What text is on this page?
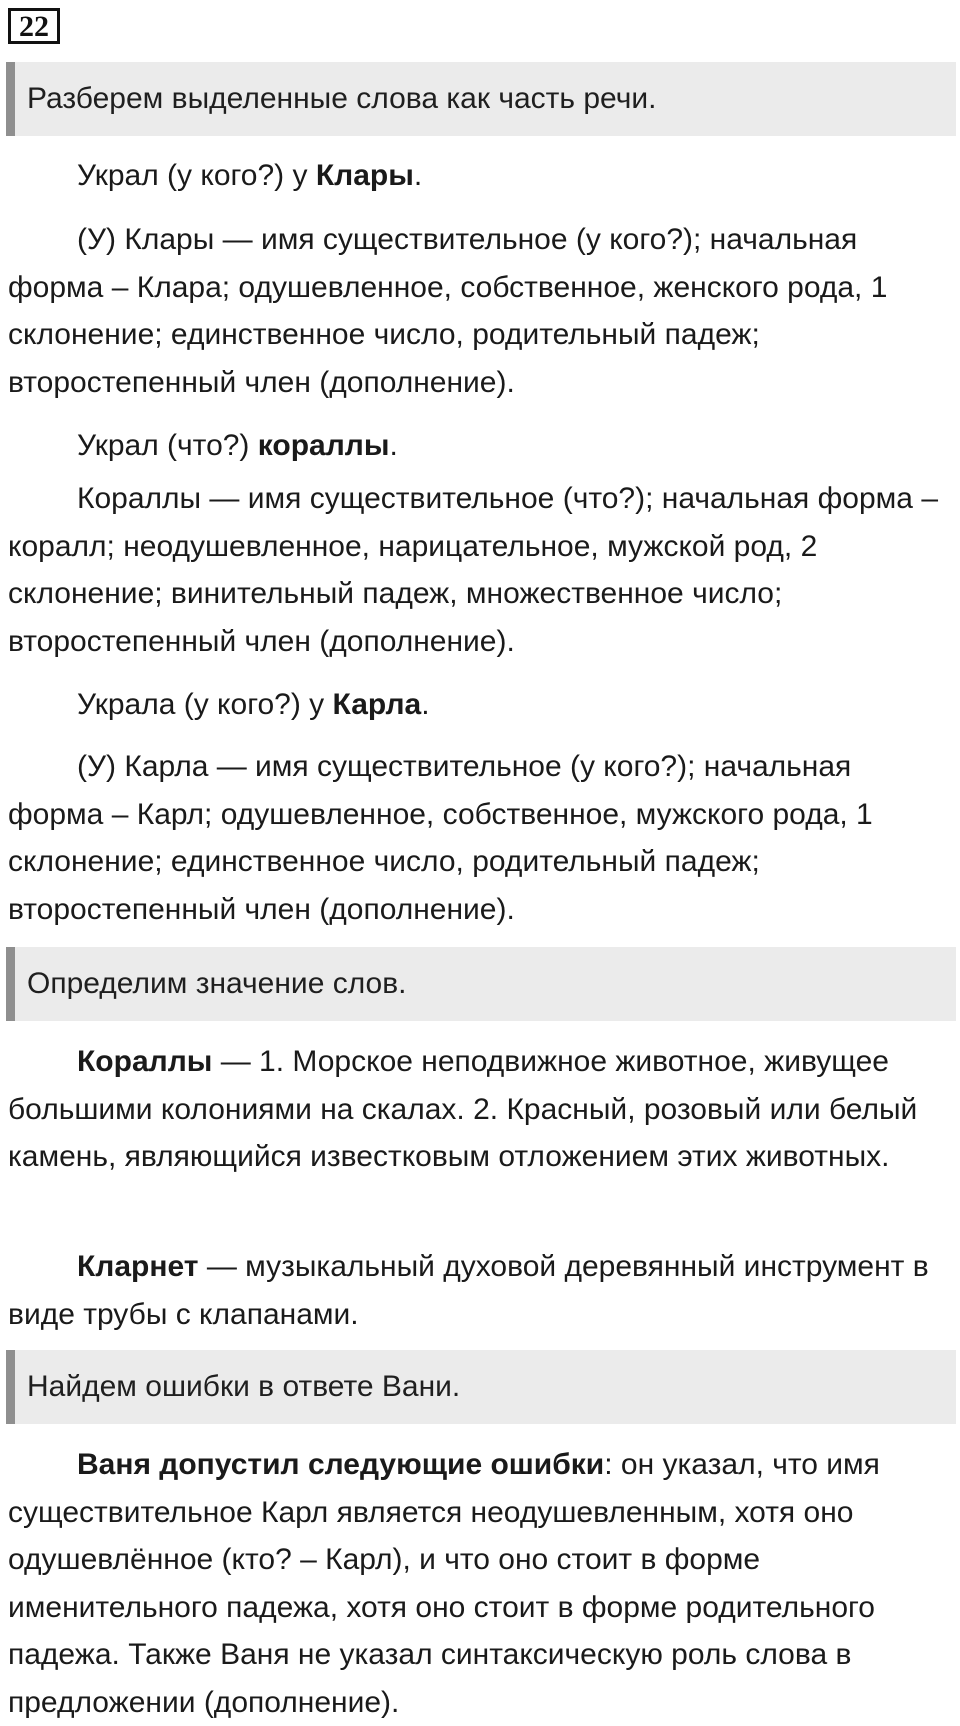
22
Разберем выделенные слова как часть речи.

Украл (у кого?) у Клары.

(У) Клары — имя существительное (у кого?); начальная форма – Клара; одушевленное, собственное, женского рода, 1 склонение; единственное число, родительный падеж; второстепенный член (дополнение).

Украл (что?) кораллы.

Кораллы — имя существительное (что?); начальная форма – коралл; неодушевленное, нарицательное, мужской род, 2 склонение; винительный падеж, множественное число; второстепенный член (дополнение).

Украла (у кого?) у Карла.

(У) Карла — имя существительное (у кого?); начальная форма – Карл; одушевленное, собственное, мужского рода, 1 склонение; единственное число, родительный падеж; второстепенный член (дополнение).

Определим значение слов.

Кораллы — 1. Морское неподвижное животное, живущее большими колониями на скалах. 2. Красный, розовый или белый камень, являющийся известковым отложением этих животных.

Кларнет — музыкальный духовой деревянный инструмент в виде трубы с клапанами.

Найдем ошибки в ответе Вани.

Ваня допустил следующие ошибки: он указал, что имя существительное Карл является неодушевленным, хотя оно одушевлённое (кто? – Карл), и что оно стоит в форме именительного падежа, хотя оно стоит в форме родительного падежа. Также Ваня не указал синтаксическую роль слова в предложении (дополнение).
